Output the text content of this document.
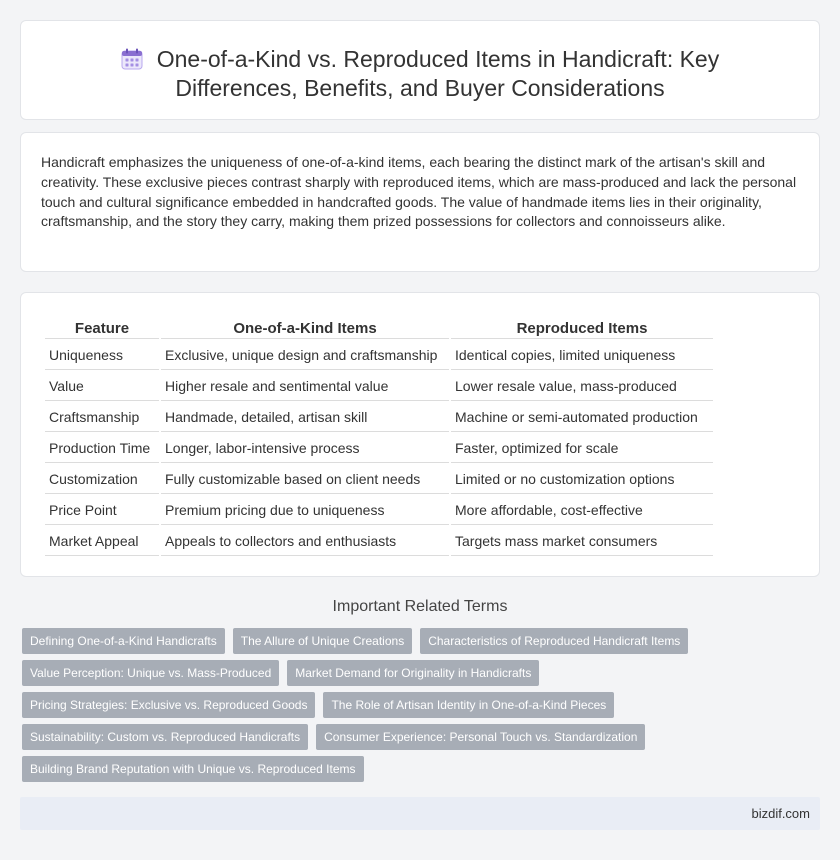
One-of-a-Kind vs. Reproduced Items in Handicraft: Key
Differences, Benefits, and Buyer Considerations

Handicraft emphasizes the uniqueness of one-of-a-kind items, each bearing the distinct mark of the artisan's skill and creativity. These exclusive pieces contrast sharply with reproduced items, which are mass-produced and lack the personal touch and cultural significance embedded in handcrafted goods. The value of handmade items lies in their originality, craftsmanship, and the story they carry, making them prized possessions for collectors and connoisseurs alike.

Feature	One-of-a-Kind Items	Reproduced Items
Uniqueness	Exclusive, unique design and craftsmanship	Identical copies, limited uniqueness
Value	Higher resale and sentimental value	Lower resale value, mass-produced
Craftsmanship	Handmade, detailed, artisan skill	Machine or semi-automated production
Production Time	Longer, labor-intensive process	Faster, optimized for scale
Customization	Fully customizable based on client needs	Limited or no customization options
Price Point	Premium pricing due to uniqueness	More affordable, cost-effective
Market Appeal	Appeals to collectors and enthusiasts	Targets mass market consumers
Important Related Terms
Defining One-of-a-Kind Handicrafts	The Allure of Unique Creations	Characteristics of Reproduced Handicraft Items
Value Perception: Unique vs. Mass-Produced	Market Demand for Originality in Handicrafts
Pricing Strategies: Exclusive vs. Reproduced Goods	The Role of Artisan Identity in One-of-a-Kind Pieces
Sustainability: Custom vs. Reproduced Handicrafts	Consumer Experience: Personal Touch vs. Standardization
Building Brand Reputation with Unique vs. Reproduced Items
bizdif.com
